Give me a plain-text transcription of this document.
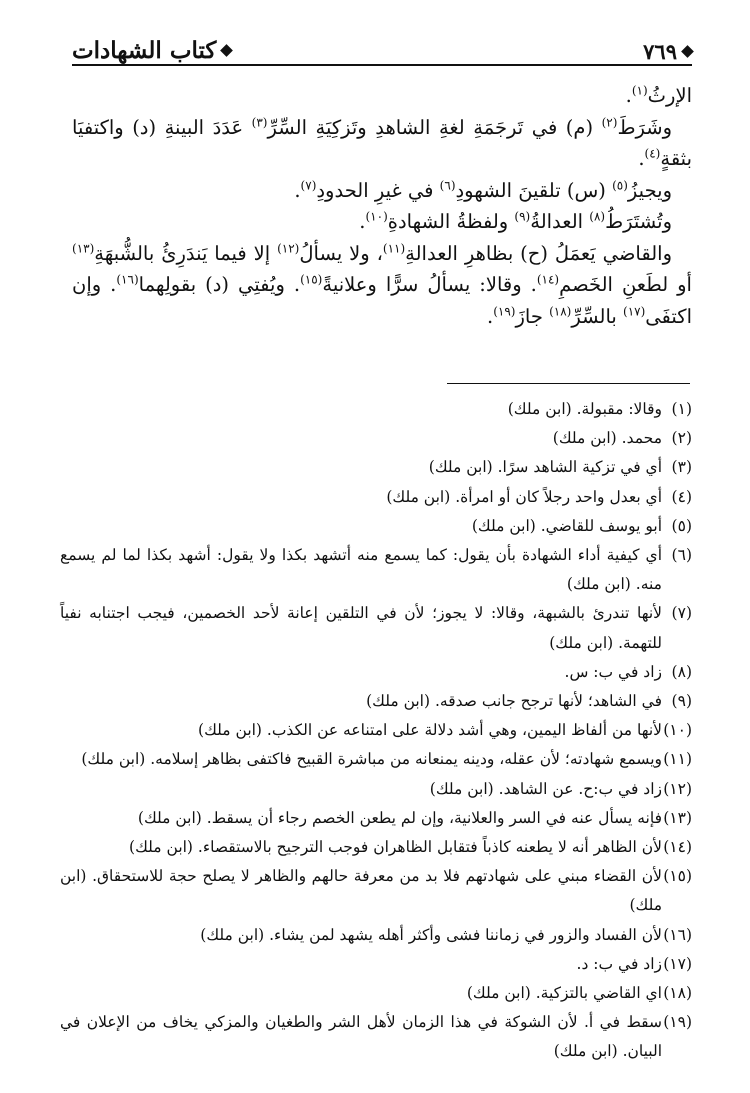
كتاب الشهادات	٧٦٩

الإرثُ$^{(١)}$.

وشَرَطَ$^{(٢)}$ (م) في تَرجَمَةِ لغةِ الشاهدِ وتَزكِيَةِ السِّرِّ$^{(٣)}$ عَدَدَ البينةِ (د) واكتفيَا بثقةٍ$^{(٤)}$.

ويجيزُ$^{(٥)}$ (س) تلقينَ الشهودِ$^{(٦)}$ في غيرِ الحدودِ$^{(٧)}$.

وتُشتَرَطُ$^{(٨)}$ العدالةُ$^{(٩)}$ ولفظةُ الشهادةِ$^{(١٠)}$.

والقاضي يَعمَلُ (ح) بظاهرِ العدالةِ$^{(١١)}$، ولا يسألُ$^{(١٢)}$ إلا فيما يَندَرِئُ بالشُّبهَةِ$^{(١٣)}$ أو لطَعنِ الخَصمِ$^{(١٤)}$. وقالا: يسألُ سرًّا وعلانيةً$^{(١٥)}$. ويُفتِي (د) بقولِهما$^{(١٦)}$. وإن اكتفَى$^{(١٧)}$ بالسِّرِّ$^{(١٨)}$ جازَ$^{(١٩)}$.

(١)
وقالا: مقبولة. (ابن ملك)
(٢)
محمد. (ابن ملك)
(٣)
أي في تزكية الشاهد سرًا. (ابن ملك)
(٤)
أي بعدل واحد رجلاً كان أو امرأة. (ابن ملك)
(٥)
أبو يوسف للقاضي. (ابن ملك)
(٦)
أي كيفية أداء الشهادة بأن يقول: كما يسمع منه أتشهد بكذا ولا يقول: أشهد بكذا لما لم يسمع منه. (ابن ملك)
(٧)
لأنها تندرئ بالشبهة، وقالا: لا يجوز؛ لأن في التلقين إعانة لأحد الخصمين، فيجب اجتنابه نفياً للتهمة. (ابن ملك)
(٨)
زاد في ب: س.
(٩)
في الشاهد؛ لأنها ترجح جانب صدقه. (ابن ملك)
(١٠)
لأنها من ألفاظ اليمين، وهي أشد دلالة على امتناعه عن الكذب. (ابن ملك)
(١١)
ويسمع شهادته؛ لأن عقله، ودينه يمنعانه من مباشرة القبيح فاكتفى بظاهر إسلامه. (ابن ملك)
(١٢)
زاد في ب:ح. عن الشاهد. (ابن ملك)
(١٣)
فإنه يسأل عنه في السر والعلانية، وإن لم يطعن الخصم رجاء أن يسقط. (ابن ملك)
(١٤)
لأن الظاهر أنه لا يطعنه كاذباً فتقابل الظاهران فوجب الترجيح بالاستقصاء. (ابن ملك)
(١٥)
لأن القضاء مبني على شهادتهم فلا بد من معرفة حالهم والظاهر لا يصلح حجة للاستحقاق. (ابن ملك)
(١٦)
لأن الفساد والزور في زماننا فشى وأكثر أهله يشهد لمن يشاء. (ابن ملك)
(١٧)
زاد في ب: د.
(١٨)
اي القاضي بالتزكية. (ابن ملك)
(١٩)
سقط في أ. لأن الشوكة في هذا الزمان لأهل الشر والطغيان والمزكي يخاف من الإعلان في البيان. (ابن ملك)
